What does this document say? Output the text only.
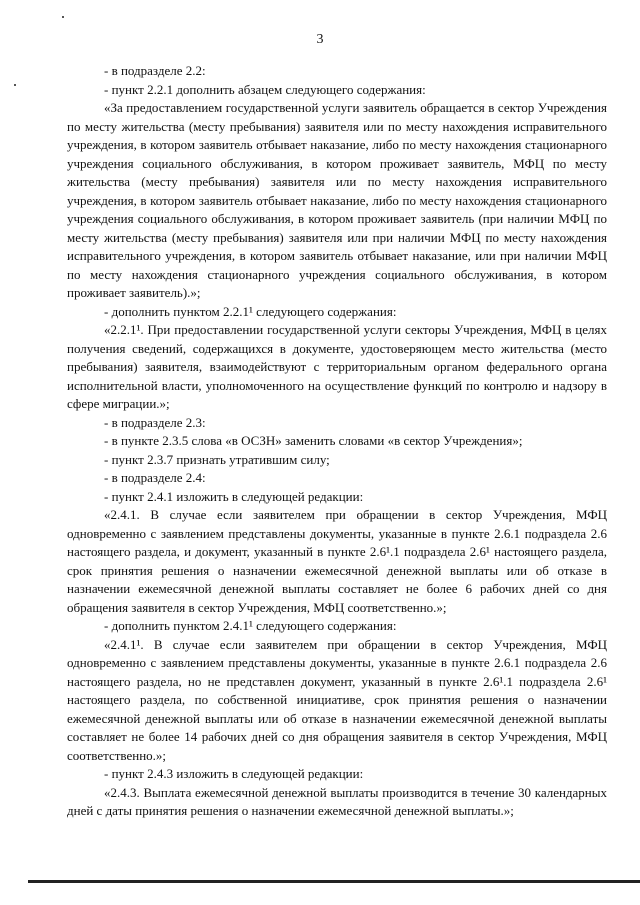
3

- в подразделе 2.2:

- пункт 2.2.1 дополнить абзацем следующего содержания:

«За предоставлением государственной услуги заявитель обращается в сектор Учреждения по месту жительства (месту пребывания) заявителя или по месту нахождения исправительного учреждения, в котором заявитель отбывает наказание, либо по месту нахождения стационарного учреждения социального обслуживания, в котором проживает заявитель, МФЦ по месту жительства (месту пребывания) заявителя или по месту нахождения исправительного учреждения, в котором заявитель отбывает наказание, либо по месту нахождения стационарного учреждения социального обслуживания, в котором проживает заявитель (при наличии МФЦ по месту жительства (месту пребывания) заявителя или при наличии МФЦ по месту нахождения исправительного учреждения, в котором заявитель отбывает наказание, или при наличии МФЦ по месту нахождения стационарного учреждения социального обслуживания, в котором проживает заявитель).»;

- дополнить пунктом 2.2.1¹ следующего содержания:

«2.2.1¹. При предоставлении государственной услуги секторы Учреждения, МФЦ в целях получения сведений, содержащихся в документе, удостоверяющем место жительства (место пребывания) заявителя, взаимодействуют с территориальным органом федерального органа исполнительной власти, уполномоченного на осуществление функций по контролю и надзору в сфере миграции.»;

- в подразделе 2.3:

- в пункте 2.3.5 слова «в ОСЗН» заменить словами «в сектор Учреждения»;

- пункт 2.3.7 признать утратившим силу;

- в подразделе 2.4:

- пункт 2.4.1 изложить в следующей редакции:

«2.4.1. В случае если заявителем при обращении в сектор Учреждения, МФЦ одновременно с заявлением представлены документы, указанные в пункте 2.6.1 подраздела 2.6 настоящего раздела, и документ, указанный в пункте 2.6¹.1 подраздела 2.6¹ настоящего раздела, срок принятия решения о назначении ежемесячной денежной выплаты или об отказе в назначении ежемесячной денежной выплаты составляет не более 6 рабочих дней со дня обращения заявителя в сектор Учреждения, МФЦ соответственно.»;

- дополнить пунктом 2.4.1¹ следующего содержания:

«2.4.1¹. В случае если заявителем при обращении в сектор Учреждения, МФЦ одновременно с заявлением представлены документы, указанные в пункте 2.6.1 подраздела 2.6 настоящего раздела, но не представлен документ, указанный в пункте 2.6¹.1 подраздела 2.6¹ настоящего раздела, по собственной инициативе, срок принятия решения о назначении ежемесячной денежной выплаты или об отказе в назначении ежемесячной денежной выплаты составляет не более 14 рабочих дней со дня обращения заявителя в сектор Учреждения, МФЦ соответственно.»;

- пункт 2.4.3 изложить в следующей редакции:

«2.4.3. Выплата ежемесячной денежной выплаты производится в течение 30 календарных дней с даты принятия решения о назначении ежемесячной денежной выплаты.»;
